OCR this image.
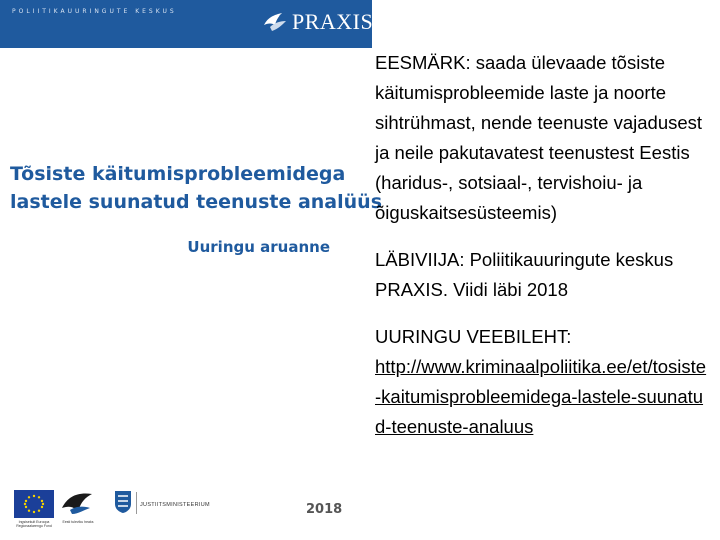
POLIITIKAUURINGUTE KESKUS	PRAXIS
Tõsiste käitumisprobleemidega
lastele suunatud teenuste analüüs
Uuringu aruanne
Ingsisekult Euroopa Regionaalarengu Fond
Eesti tuleviku heaks
JUSTIITSMINISTEERIUM	2018
EESMÄRK: saada ülevaade tõsiste käitumisprobleemide laste ja noorte sihtrühmast, nende teenuste vajadusest ja neile pakutavatest teenustest Eestis (haridus-, sotsiaal-, tervishoiu- ja õiguskaitsesüsteemis)
LÄBIVIIJA: Poliitikauuringute keskus PRAXIS. Viidi läbi 2018
UURINGU VEEBILEHT:
http://www.kriminaalpoliitika.ee/et/tosiste-kaitumisprobleemidega-lastele-suunatud-teenuste-analuus
